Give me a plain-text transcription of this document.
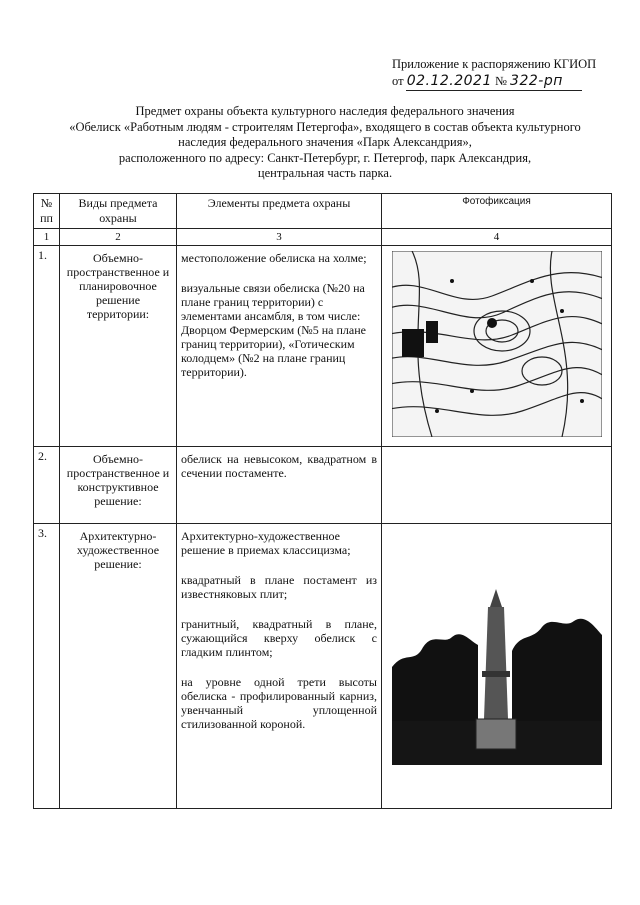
Приложение к распоряжению КГИОП
от 02.12.2021 № 322-рп
Предмет охраны объекта культурного наследия федерального значения
«Обелиск «Работным людям - строителям Петергофа», входящего в состав объекта культурного
наследия федерального значения «Парк Александрия»,
расположенного по адресу: Санкт-Петербург, г. Петергоф, парк Александрия,
центральная часть парка.
№ пп	Виды предмета охраны	Элементы предмета охраны	Фотофиксация
1	2	3	4
1.	Объемно-пространственное и планировочное решение территории:	местоположение обелиска на холме;
визуальные связи обелиска (№20 на плане границ территории) с элементами ансамбля, в том числе: Дворцом Фермерским (№5 на плане границ территории), «Готическим колодцем» (№2 на плане границ территории).

2.	Объемно-пространственное и конструктивное решение:	обелиск на невысоком, квадратном в сечении постаменте.	

3.	Архитектурно-художественное решение:	Архитектурно-художественное решение в приемах классицизма;
квадратный в плане постамент из известняковых плит;
гранитный, квадратный в плане, сужающийся кверху обелиск с гладким плинтом;
на уровне одной трети высоты обелиска - профилированный карниз, увенчанный уплощенной стилизованной короной.
